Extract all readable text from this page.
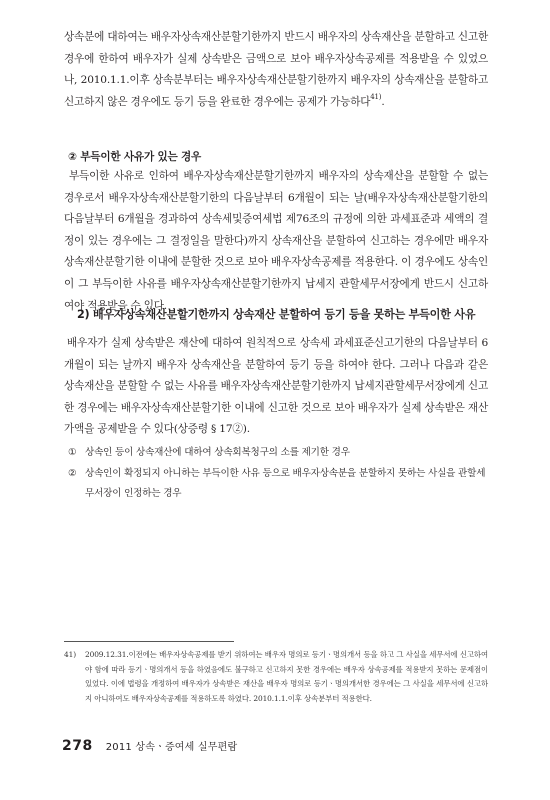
상속분에 대하여는 배우자상속재산분할기한까지 반드시 배우자의 상속재산을 분할하고 신고한 경우에 한하여 배우자가 실제 상속받은 금액으로 보아 배우자상속공제를 적용받을 수 있었으나, 2010.1.1.이후 상속분부터는 배우자상속재산분할기한까지 배우자의 상속재산을 분할하고 신고하지 않은 경우에도 등기 등을 완료한 경우에는 공제가 가능하다$^{41)}$.

② 부득이한 사유가 있는 경우

부득이한 사유로 인하여 배우자상속재산분할기한까지 배우자의 상속재산을 분할할 수 없는 경우로서 배우자상속재산분할기한의 다음날부터 6개월이 되는 날(배우자상속재산분할기한의 다음날부터 6개월을 경과하여 상속세및증여세법 제76조의 규정에 의한 과세표준과 세액의 결정이 있는 경우에는 그 결정일을 말한다)까지 상속재산을 분할하여 신고하는 경우에만 배우자상속재산분할기한 이내에 분할한 것으로 보아 배우자상속공제를 적용한다. 이 경우에도 상속인이 그 부득이한 사유를 배우자상속재산분할기한까지 납세지 관할세무서장에게 반드시 신고하여야 적용받을 수 있다.

2) 배우자상속재산분할기한까지 상속재산 분할하여 등기 등을 못하는 부득이한 사유

배우자가 실제 상속받은 재산에 대하여 원칙적으로 상속세 과세표준신고기한의 다음날부터 6개월이 되는 날까지 배우자 상속재산을 분할하여 등기 등을 하여야 한다. 그러나 다음과 같은 상속재산을 분할할 수 없는 사유를 배우자상속재산분할기한까지 납세지관할세무서장에게 신고한 경우에는 배우자상속재산분할기한 이내에 신고한 것으로 보아 배우자가 실제 상속받은 재산가액을 공제받을 수 있다(상증령 § 17②).

① 상속인 등이 상속재산에 대하여 상속회복청구의 소를 제기한 경우
② 상속인이 확정되지 아니하는 부득이한 사유 등으로 배우자상속분을 분할하지 못하는 사실을 관할세무서장이 인정하는 경우
41)	2009.12.31.이전에는 배우자상속공제를 받기 위하여는 배우자 명의로 등기ㆍ명의개서 등을 하고 그 사실을 세무서에 신고하여야 함에 따라 등기ㆍ명의개서 등을 하였음에도 불구하고 신고하지 못한 경우에는 배우자 상속공제를 적용받지 못하는 문제점이 있었다. 이에 법령을 개정하여 배우자가 상속받은 재산을 배우자 명의로 등기ㆍ명의개서한 경우에는 그 사실을 세무서에 신고하지 아니하여도 배우자상속공제를 적용하도록 하였다. 2010.1.1.이후 상속분부터 적용한다.
278 2011 상속ㆍ증여세 실무편람
